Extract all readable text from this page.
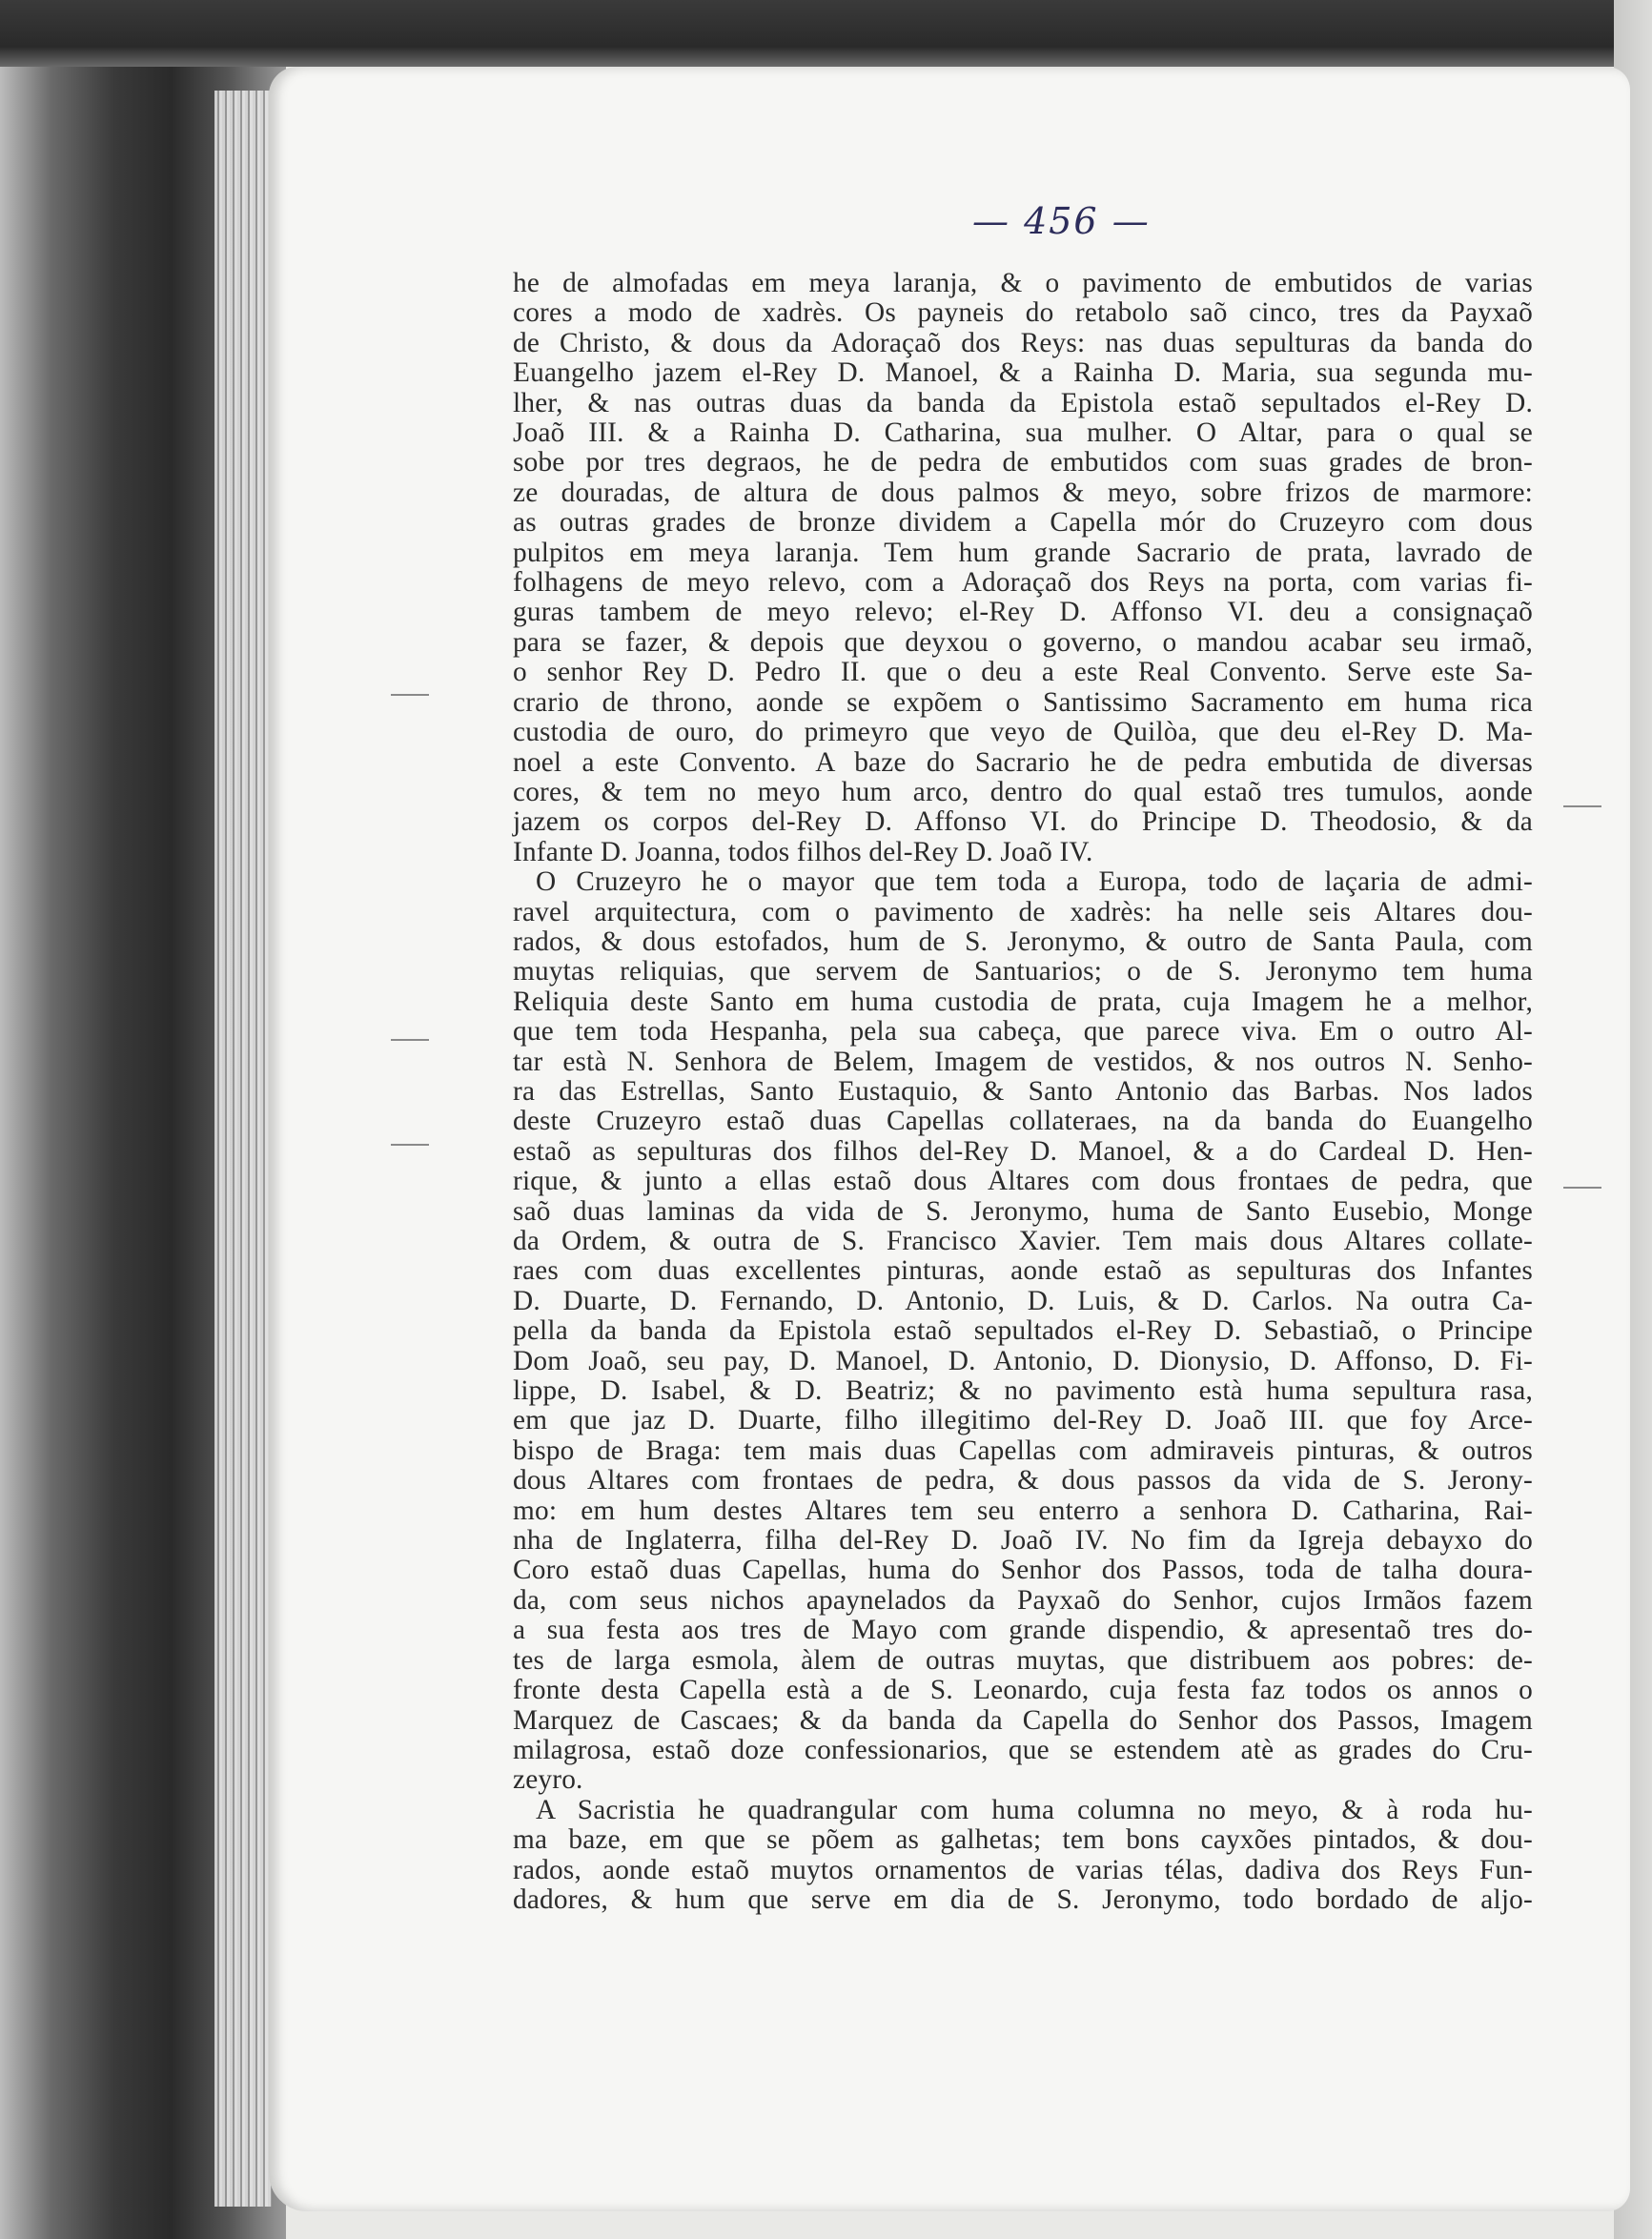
— 456 —
he de almofadas em meya laranja, & o pavimento de embutidos de varias
cores a modo de xadrès. Os payneis do retabolo saõ cinco, tres da Payxaõ
de Christo, & dous da Adoraçaõ dos Reys: nas duas sepulturas da banda do
Euangelho jazem el-Rey D. Manoel, & a Rainha D. Maria, sua segunda mu-
lher, & nas outras duas da banda da Epistola estaõ sepultados el-Rey D.
Joaõ III. & a Rainha D. Catharina, sua mulher. O Altar, para o qual se
sobe por tres degraos, he de pedra de embutidos com suas grades de bron-
ze douradas, de altura de dous palmos & meyo, sobre frizos de marmore:
as outras grades de bronze dividem a Capella mór do Cruzeyro com dous
pulpitos em meya laranja. Tem hum grande Sacrario de prata, lavrado de
folhagens de meyo relevo, com a Adoraçaõ dos Reys na porta, com varias fi-
guras tambem de meyo relevo; el-Rey D. Affonso VI. deu a consignaçaõ
para se fazer, & depois que deyxou o governo, o mandou acabar seu irmaõ,
o senhor Rey D. Pedro II. que o deu a este Real Convento. Serve este Sa-
crario de throno, aonde se expõem o Santissimo Sacramento em huma rica
custodia de ouro, do primeyro que veyo de Quilòa, que deu el-Rey D. Ma-
noel a este Convento. A baze do Sacrario he de pedra embutida de diversas
cores, & tem no meyo hum arco, dentro do qual estaõ tres tumulos, aonde
jazem os corpos del-Rey D. Affonso VI. do Principe D. Theodosio, & da
Infante D. Joanna, todos filhos del-Rey D. Joaõ IV.
O Cruzeyro he o mayor que tem toda a Europa, todo de laçaria de admi-
ravel arquitectura, com o pavimento de xadrès: ha nelle seis Altares dou-
rados, & dous estofados, hum de S. Jeronymo, & outro de Santa Paula, com
muytas reliquias, que servem de Santuarios; o de S. Jeronymo tem huma
Reliquia deste Santo em huma custodia de prata, cuja Imagem he a melhor,
que tem toda Hespanha, pela sua cabeça, que parece viva. Em o outro Al-
tar està N. Senhora de Belem, Imagem de vestidos, & nos outros N. Senho-
ra das Estrellas, Santo Eustaquio, & Santo Antonio das Barbas. Nos lados
deste Cruzeyro estaõ duas Capellas collateraes, na da banda do Euangelho
estaõ as sepulturas dos filhos del-Rey D. Manoel, & a do Cardeal D. Hen-
rique, & junto a ellas estaõ dous Altares com dous frontaes de pedra, que
saõ duas laminas da vida de S. Jeronymo, huma de Santo Eusebio, Monge
da Ordem, & outra de S. Francisco Xavier. Tem mais dous Altares collate-
raes com duas excellentes pinturas, aonde estaõ as sepulturas dos Infantes
D. Duarte, D. Fernando, D. Antonio, D. Luis, & D. Carlos. Na outra Ca-
pella da banda da Epistola estaõ sepultados el-Rey D. Sebastiaõ, o Principe
Dom Joaõ, seu pay, D. Manoel, D. Antonio, D. Dionysio, D. Affonso, D. Fi-
lippe, D. Isabel, & D. Beatriz; & no pavimento està huma sepultura rasa,
em que jaz D. Duarte, filho illegitimo del-Rey D. Joaõ III. que foy Arce-
bispo de Braga: tem mais duas Capellas com admiraveis pinturas, & outros
dous Altares com frontaes de pedra, & dous passos da vida de S. Jerony-
mo: em hum destes Altares tem seu enterro a senhora D. Catharina, Rai-
nha de Inglaterra, filha del-Rey D. Joaõ IV. No fim da Igreja debayxo do
Coro estaõ duas Capellas, huma do Senhor dos Passos, toda de talha doura-
da, com seus nichos apaynelados da Payxaõ do Senhor, cujos Irmãos fazem
a sua festa aos tres de Mayo com grande dispendio, & apresentaõ tres do-
tes de larga esmola, àlem de outras muytas, que distribuem aos pobres: de-
fronte desta Capella està a de S. Leonardo, cuja festa faz todos os annos o
Marquez de Cascaes; & da banda da Capella do Senhor dos Passos, Imagem
milagrosa, estaõ doze confessionarios, que se estendem atè as grades do Cru-
zeyro.
A Sacristia he quadrangular com huma columna no meyo, & à roda hu-
ma baze, em que se põem as galhetas; tem bons cayxões pintados, & dou-
rados, aonde estaõ muytos ornamentos de varias télas, dadiva dos Reys Fun-
dadores, & hum que serve em dia de S. Jeronymo, todo bordado de aljo-
